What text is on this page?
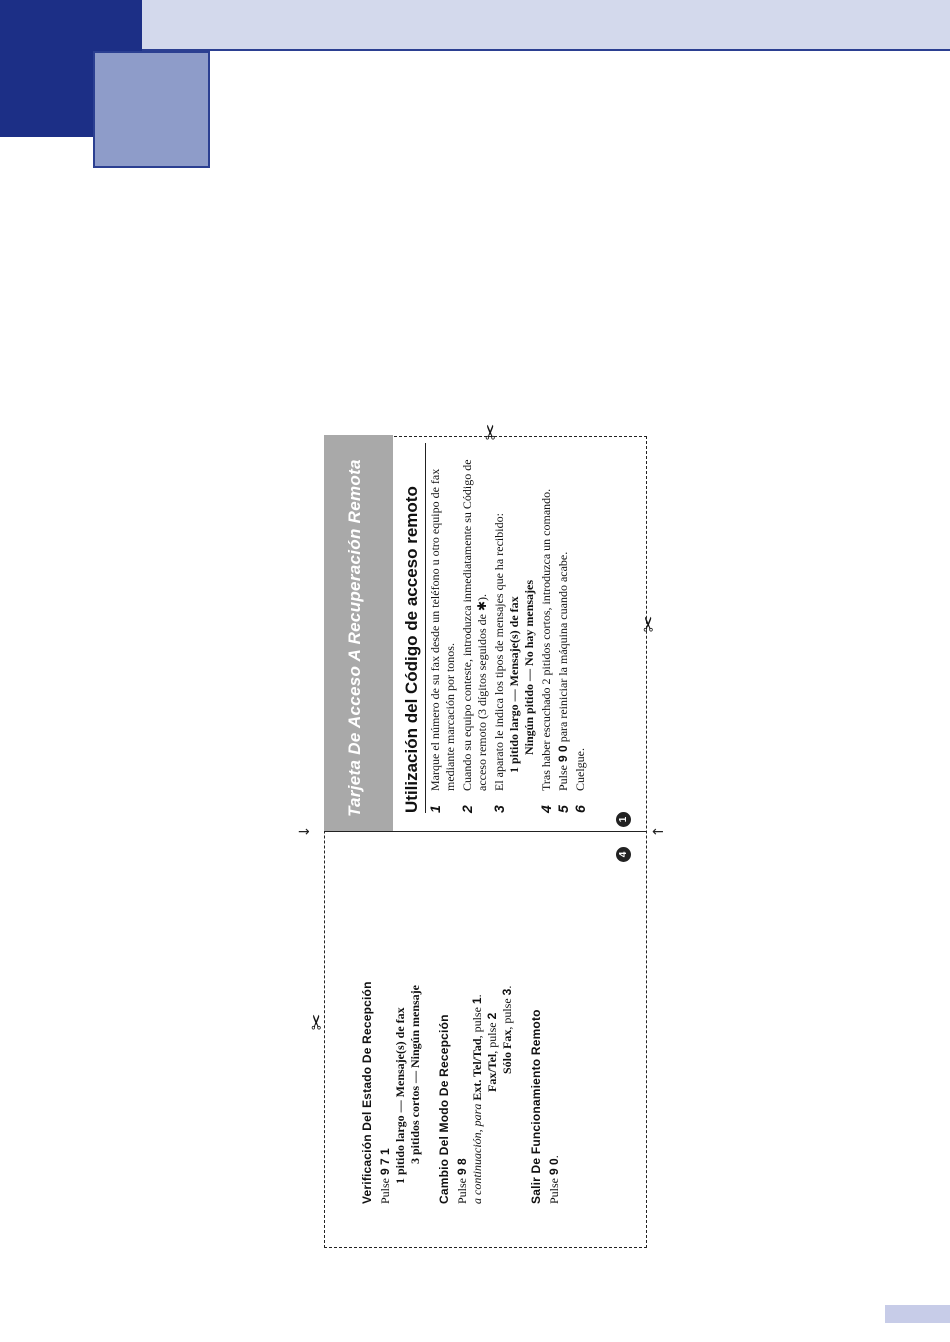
→	←
✂
✂
✂
Tarjeta De Acceso A Recuperación Remota	Utilización del Código de acceso remoto 1
Marque el número de su fax desde un teléfono u otro equipo de fax mediante marcación por tonos.
2
Cuando su equipo conteste, introduzca inmediatamente su Código de acceso remoto (3 dígitos seguidos de ✱).
3
El aparato le indica los tipos de mensajes que ha recibido: 1 pitido largo — Mensaje(s) de fax Ningún pitido — No hay mensajes
4
Tras haber escuchado 2 pitidos cortos, introduzca un comando.
5
Pulse 9 0 para reiniciar la máquina cuando acabe.
6
Cuelgue.
1
Verificación Del Estado De Recepción Pulse 9 7 1 1 pitido largo — Mensaje(s) de fax 3 pitidos cortos — Ningún mensaje Cambio Del Modo De Recepción Pulse 9 8 a continuación, para Ext. Tel/Tad, pulse 1.
Fax/Tel, pulse 2
Sólo Fax, pulse 3.
Salir De Funcionamiento Remoto Pulse 9 0.
4
